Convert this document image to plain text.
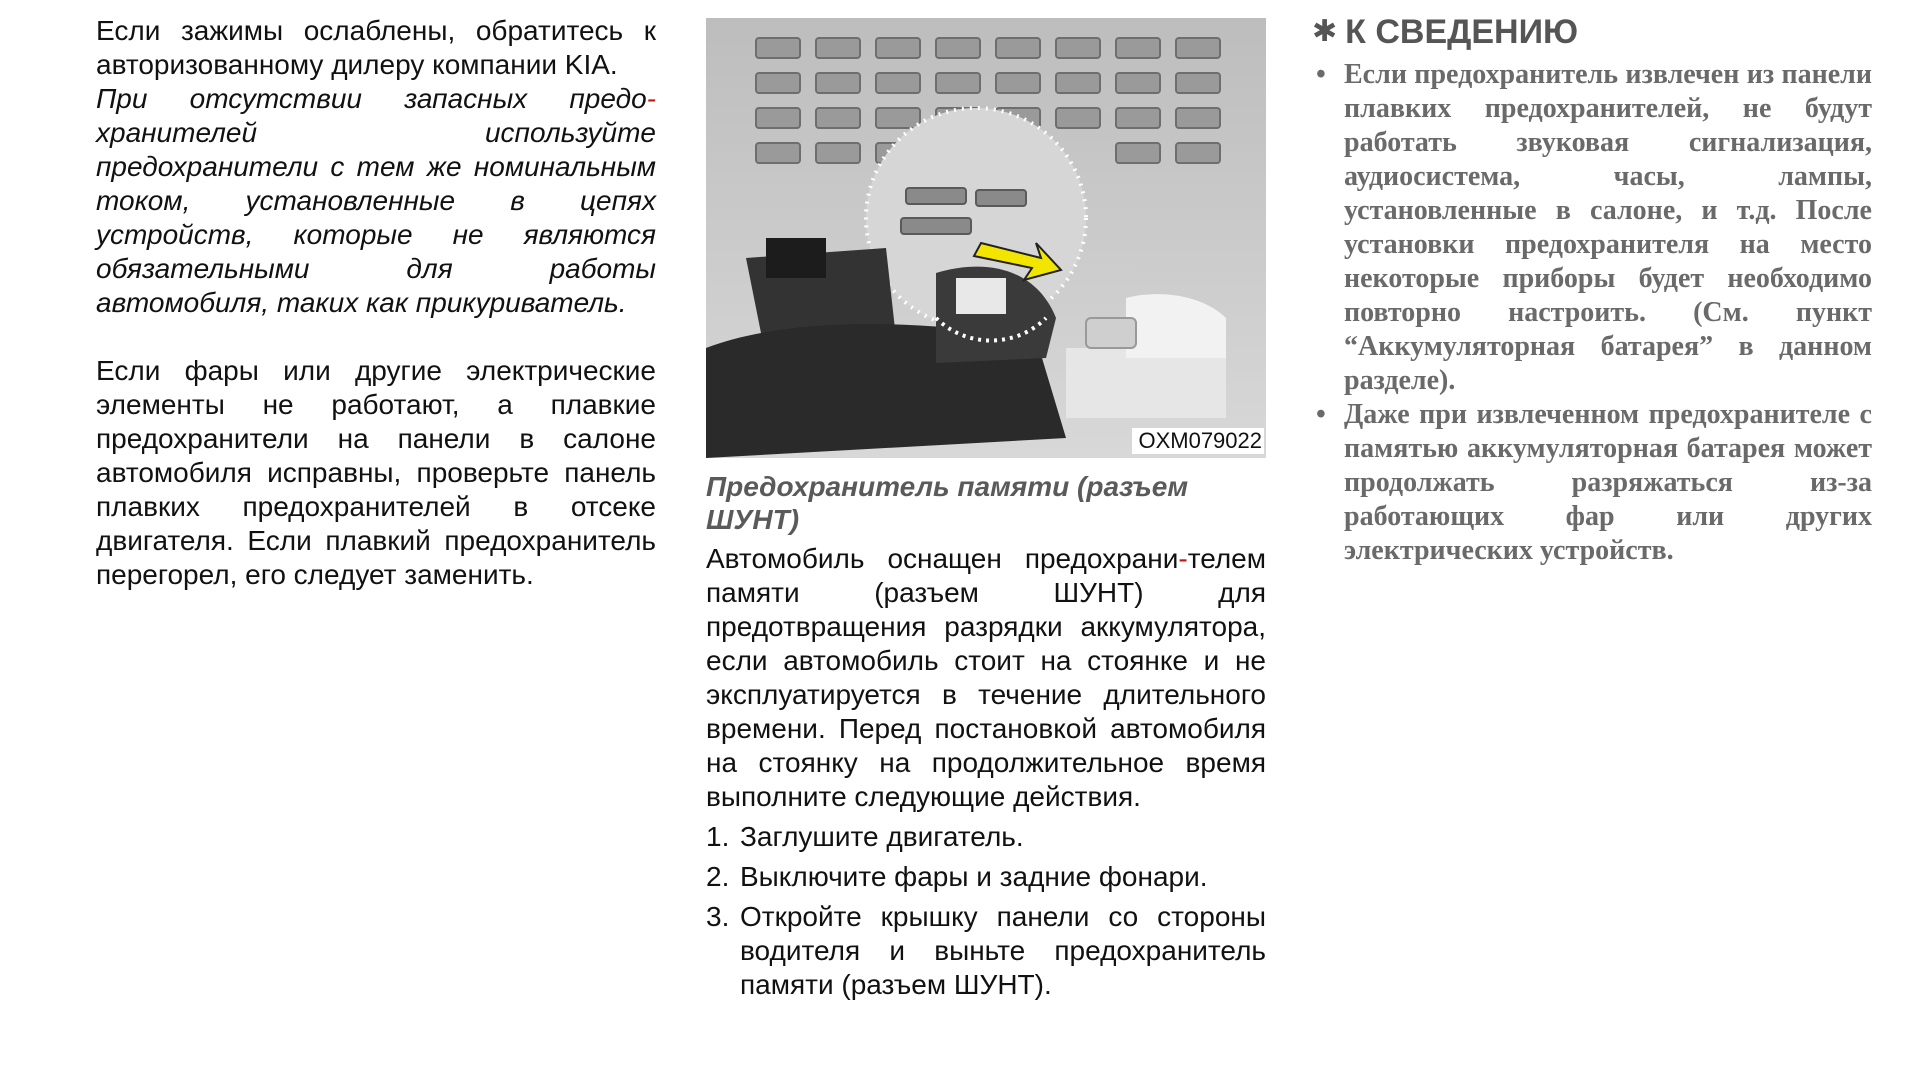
Если зажимы ослаблены, обратитесь к авторизованному дилеру компании KIA.

При отсутствии запасных предо-хранителей используйте предохранители с тем же номинальным током, установленные в цепях устройств, которые не являются обязательными для работы автомобиля, таких как прикуриватель.

Если фары или другие электрические элементы не работают, а плавкие предохранители на панели в салоне автомобиля исправны, проверьте панель плавких предохранителей в отсеке двигателя. Если плавкий предохранитель перегорел, его следует заменить.

OXM079022
Предохранитель памяти (разъем ШУНТ)

Автомобиль оснащен предохрани-телем памяти (разъем ШУНТ) для предотвращения разрядки аккумулятора, если автомобиль стоит на стоянке и не эксплуатируется в течение длительного времени. Перед постановкой автомобиля на стоянку на продолжительное время выполните следующие действия.

1. Заглушите двигатель.
2. Выключите фары и задние фонари.
3. Откройте крышку панели со стороны водителя и выньте предохранитель памяти (разъем ШУНТ).
✱ К СВЕДЕНИЮ
• Если предохранитель извлечен из панели плавких предохранителей, не будут работать звуковая сигнализация, аудиосистема, часы, лампы, установленные в салоне, и т.д. После установки предохранителя на место некоторые приборы будет необходимо повторно настроить. (См. пункт “Аккумуляторная батарея” в данном разделе).
• Даже при извлеченном предохранителе с памятью аккумуляторная батарея может продолжать разряжаться из-за работающих фар или других электрических устройств.
